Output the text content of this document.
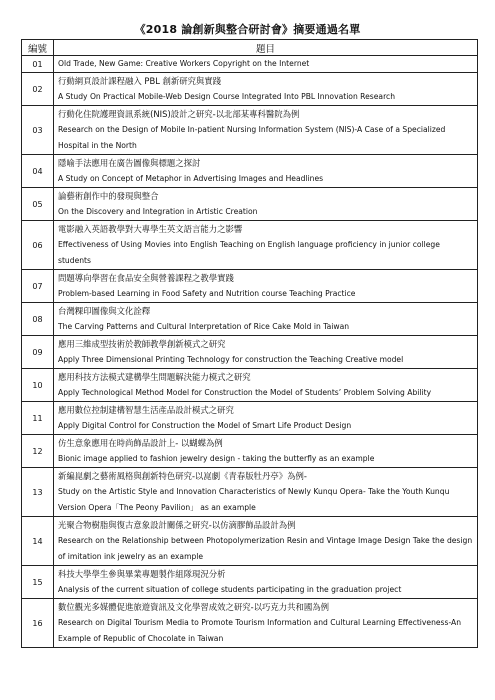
《2018 論創新與整合研討會》摘要通過名單
編號	題目
01	Old Trade, New Game: Creative Workers Copyright on the Internet

02	行動網頁設計課程融入 PBL 創新研究與實踐
A Study On Practical Mobile-Web Design Course Integrated Into PBL Innovation Research

03	行動化住院護理資訊系統(NIS)設計之研究-以北部某專科醫院為例
Research on the Design of Mobile In-patient Nursing Information System (NIS)-A Case of a Specialized Hospital in the North

04	隱喻手法應用在廣告圖像與標題之探討
A Study on Concept of Metaphor in Advertising Images and Headlines

05	論藝術創作中的發現與整合
On the Discovery and Integration in Artistic Creation

06	電影融入英語教學對大專學生英文語言能力之影響
Effectiveness of Using Movies into English Teaching on English language proficiency in junior college students

07	問題導向學習在食品安全與營養課程之教學實踐
Problem-based Learning in Food Safety and Nutrition course Teaching Practice

08	台灣粿印圖像與文化詮釋
The Carving Patterns and Cultural Interpretation of Rice Cake Mold in Taiwan

09	應用三維成型技術於教師教學創新模式之研究
Apply Three Dimensional Printing Technology for construction the Teaching Creative model

10	應用科技方法模式建構學生問題解決能力模式之研究
Apply Technological Method Model for Construction the Model of Students’ Problem Solving Ability

11	應用數位控制建構智慧生活產品設計模式之研究
Apply Digital Control for Construction the Model of Smart Life Product Design

12	仿生意象應用在時尚飾品設計上- 以蝴蝶為例
Bionic image applied to fashion jewelry design - taking the butterfly as an example

13	新編崑劇之藝術風格與創新特色研究-以崑劇《青春版牡丹亭》為例-
Study on the Artistic Style and Innovation Characteristics of Newly Kunqu Opera- Take the Youth Kunqu Version Opera「The Peony Pavilion」 as an example

14	光聚合物樹脂與復古意象設計關係之研究-以仿滴膠飾品設計為例
Research on the Relationship between Photopolymerization Resin and Vintage Image Design Take the design of imitation ink jewelry as an example

15	科技大學學生參與畢業專題製作組隊現況分析
Analysis of the current situation of college students participating in the graduation project

16	數位觀光多媒體促進旅遊資訊及文化學習成效之研究-以巧克力共和國為例
Research on Digital Tourism Media to Promote Tourism Information and Cultural Learning Effectiveness-An Example of Republic of Chocolate in Taiwan
